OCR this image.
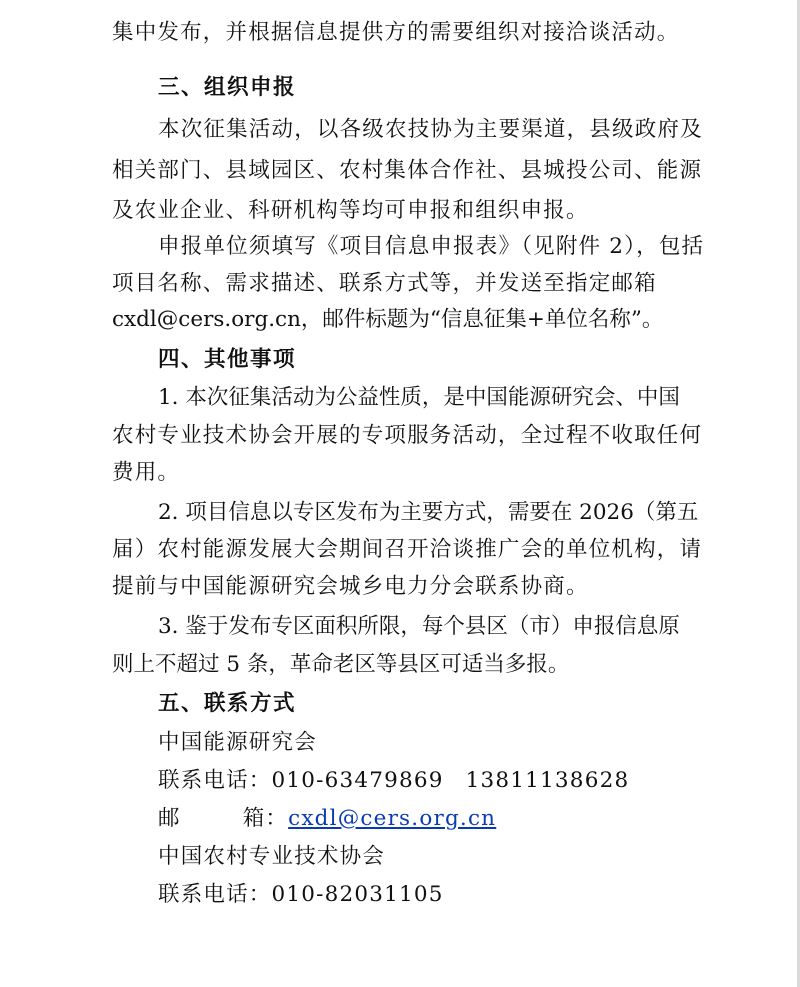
集中发布，并根据信息提供方的需要组织对接洽谈活动。
三、组织申报
本次征集活动，以各级农技协为主要渠道，县级政府及
相关部门、县域园区、农村集体合作社、县城投公司、能源
及农业企业、科研机构等均可申报和组织申报。
申报单位须填写《项目信息申报表》（见附件 2），包括
项目名称、需求描述、联系方式等，并发送至指定邮箱
cxdl@cers.org.cn，邮件标题为“信息征集+单位名称”。
四、其他事项
1. 本次征集活动为公益性质，是中国能源研究会、中国
农村专业技术协会开展的专项服务活动，全过程不收取任何
费用。
2. 项目信息以专区发布为主要方式，需要在 2026（第五
届）农村能源发展大会期间召开洽谈推广会的单位机构，请
提前与中国能源研究会城乡电力分会联系协商。
3. 鉴于发布专区面积所限，每个县区（市）申报信息原
则上不超过 5 条，革命老区等县区可适当多报。
五、联系方式
中国能源研究会
联系电话：010-63479869 13811138628
邮	箱：cxdl@cers.org.cn
中国农村专业技术协会
联系电话：010-82031105
